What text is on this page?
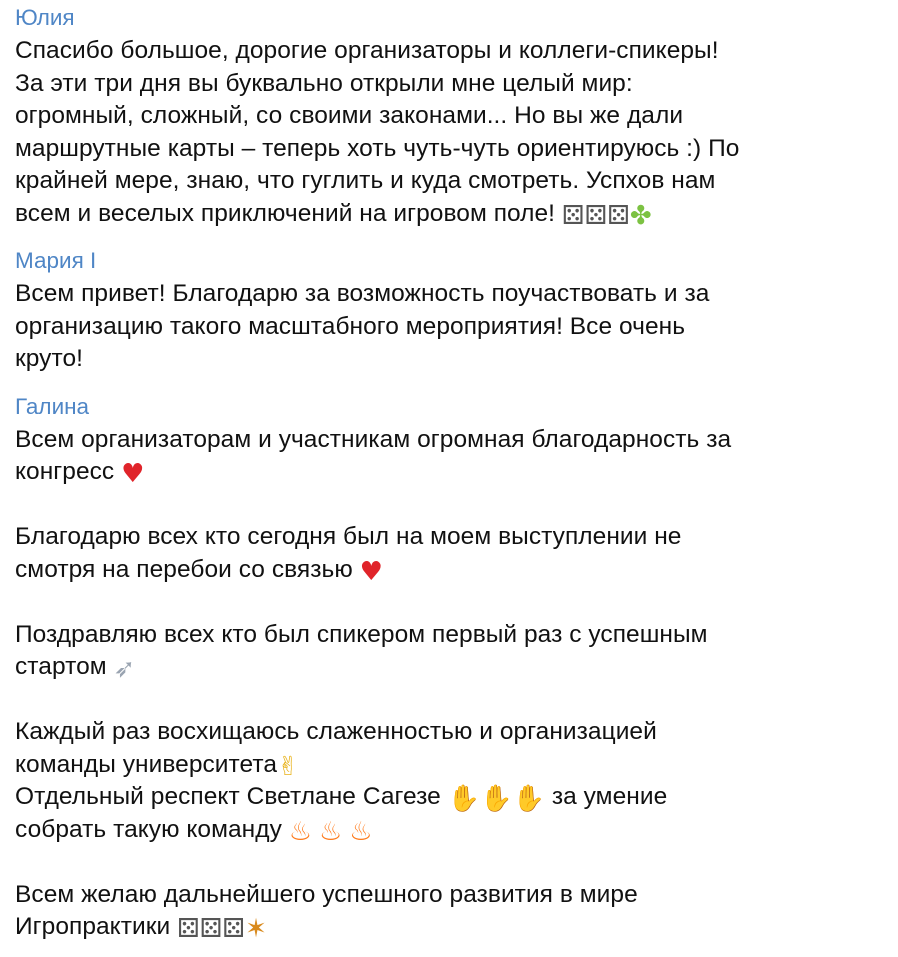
Юлия
Спасибо большое, дорогие организаторы и коллеги-спикеры!
За эти три дня вы буквально открыли мне целый мир:
огромный, сложный, со своими законами... Но вы же дали
маршрутные карты – теперь хоть чуть-чуть ориентируюсь :) По
крайней мере, знаю, что гуглить и куда смотреть. Успхов нам
всем и веселых приключений на игровом поле! ⚄⚄⚄✤
Мария I
Всем привет! Благодарю за возможность поучаствовать и за
организацию такого масштабного мероприятия! Все очень
круто!
Галина
Всем организаторам и участникам огромная благодарность за
конгресс ♥
Благодарю всех кто сегодня был на моем выступлении не
смотря на перебои со связью ♥
Поздравляю всех кто был спикером первый раз с успешным
стартом ➶
Каждый раз восхищаюсь слаженностью и организацией
команды университета✌
Отдельный респект Светлане Сагезе ✋✋✋ за умение
собрать такую команду ♨ ♨ ♨
Всем желаю дальнейшего успешного развития в мире
Игропрактики ⚄⚄⚄✶
